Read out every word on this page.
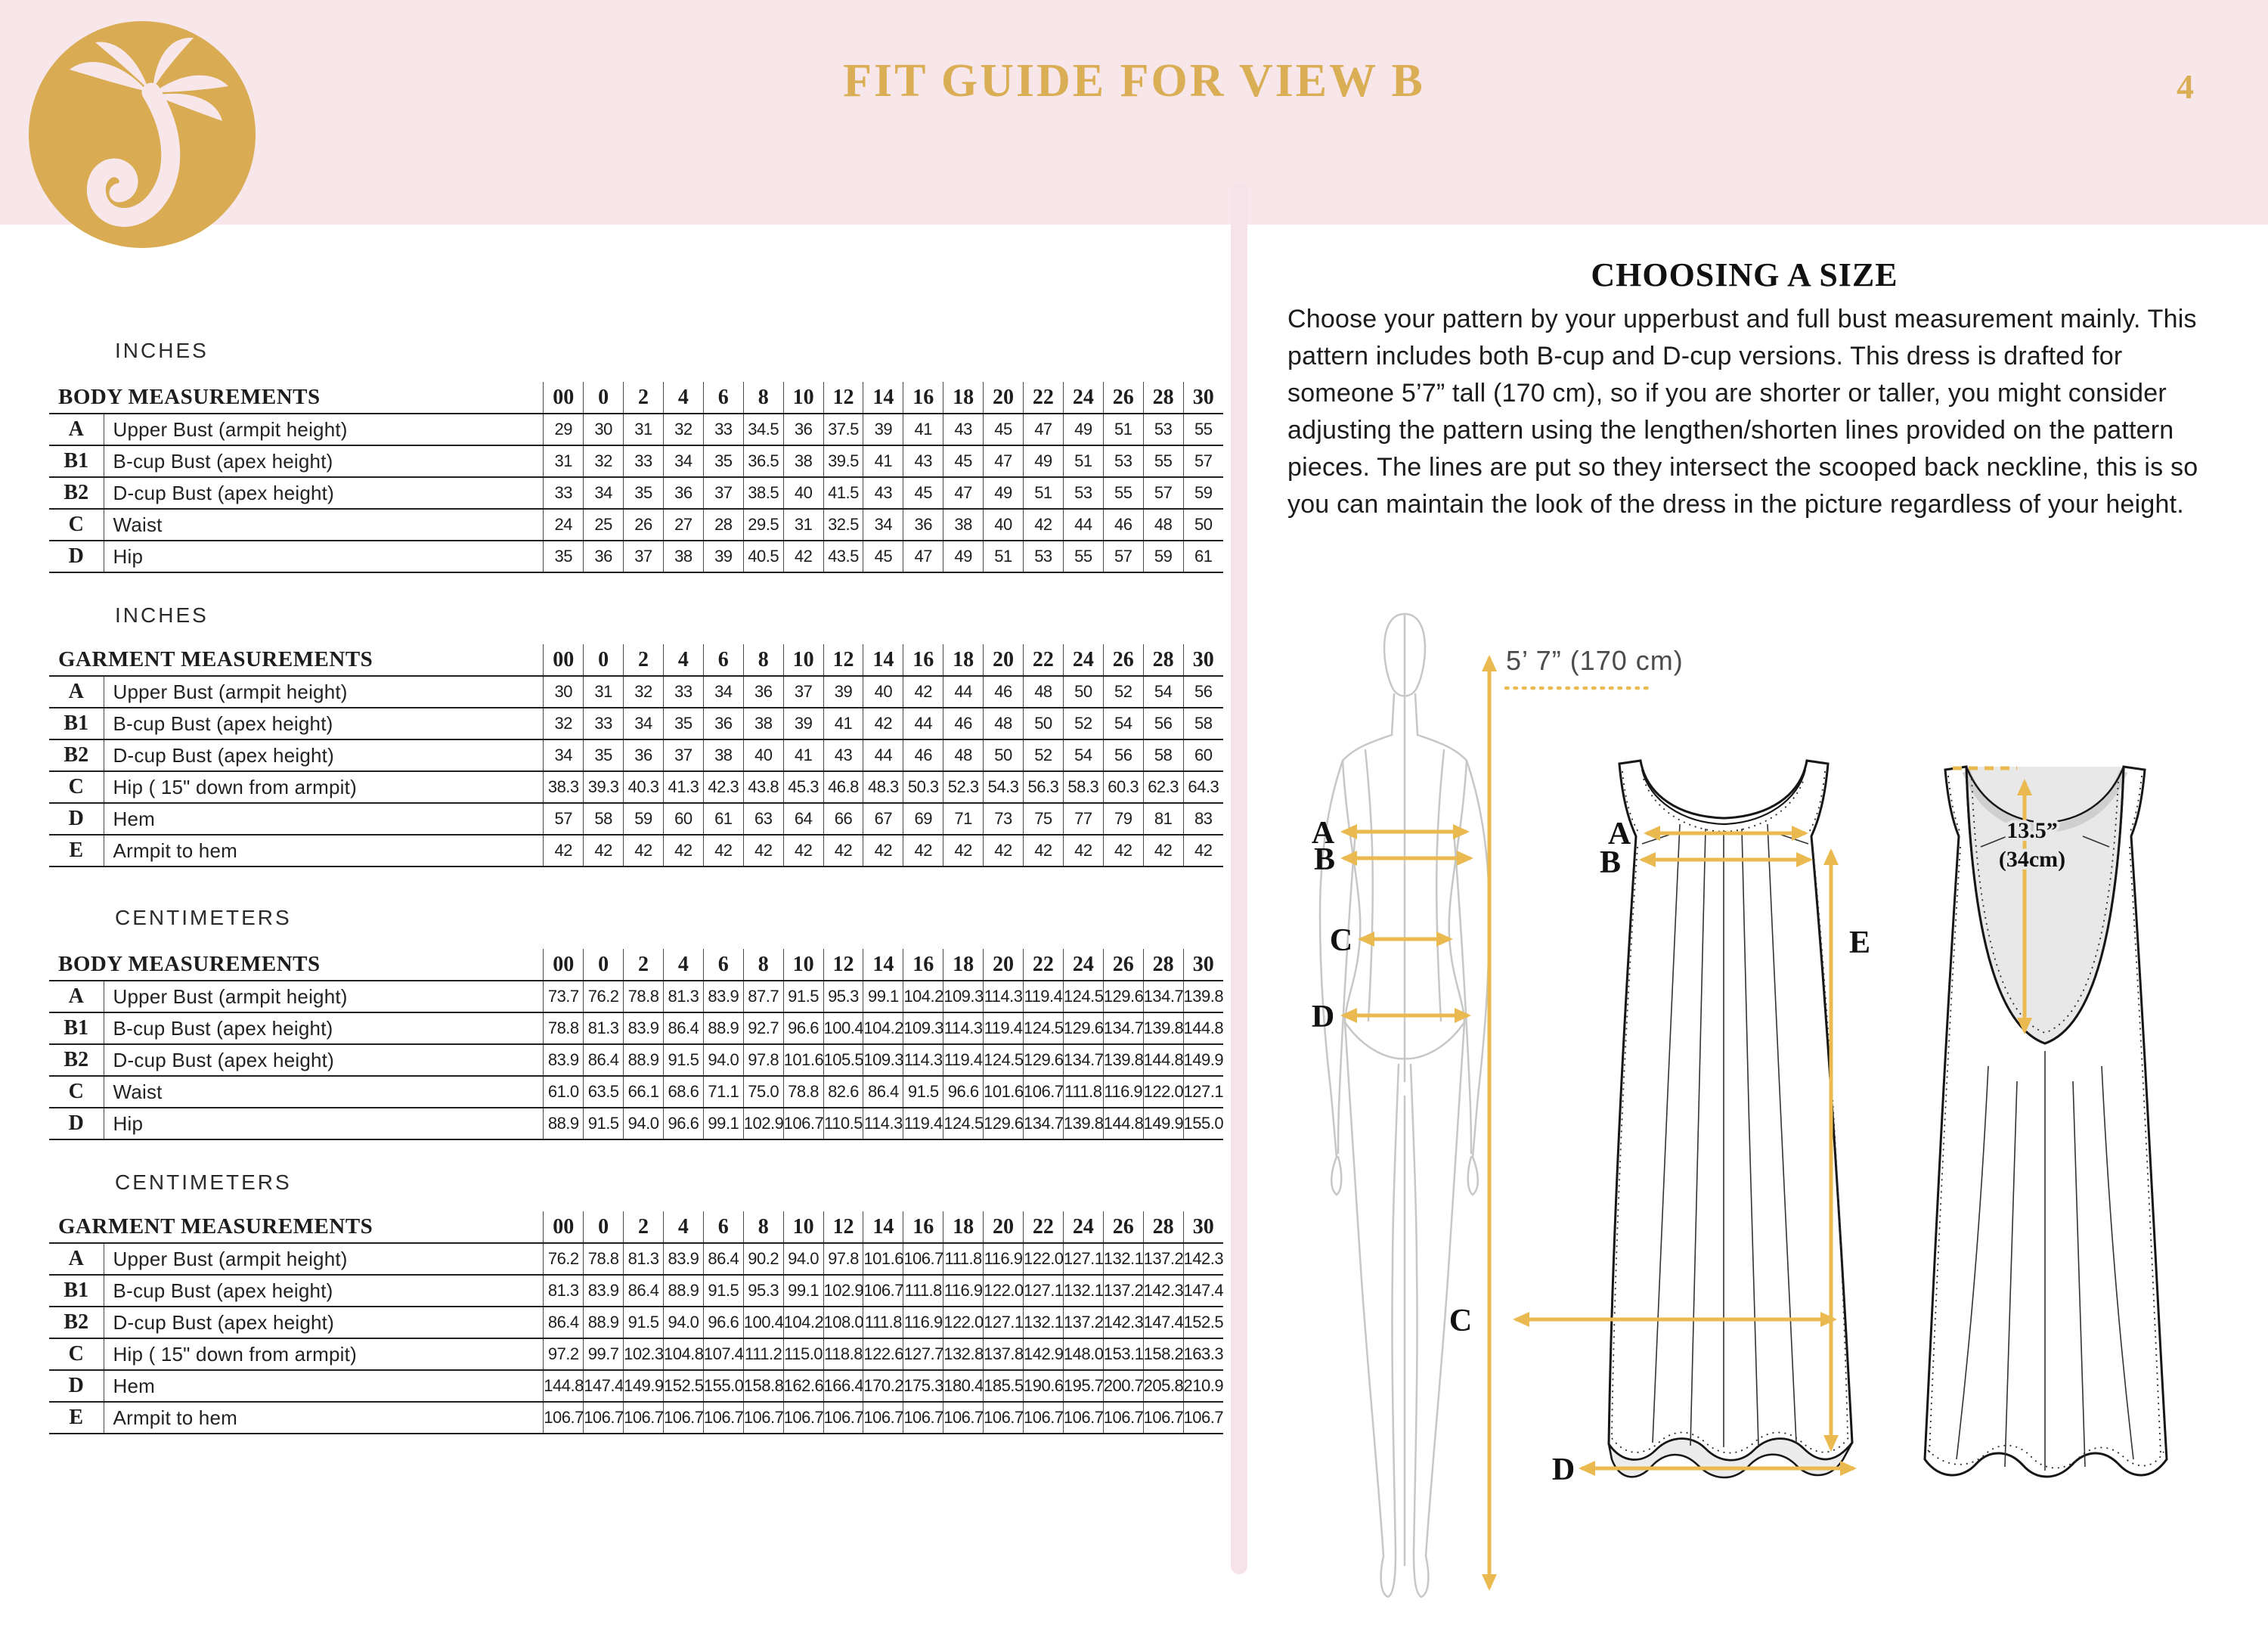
FIT GUIDE FOR VIEW B	4
INCHES
BODY MEASUREMENTS		00	0	2	4	6	8	10	12	14	16	18	20	22	24	26	28	30
A	Upper Bust (armpit height)	29	30	31	32	33	34.5	36	37.5	39	41	43	45	47	49	51	53	55
B1	B-cup Bust (apex height)	31	32	33	34	35	36.5	38	39.5	41	43	45	47	49	51	53	55	57
B2	D-cup Bust (apex height)	33	34	35	36	37	38.5	40	41.5	43	45	47	49	51	53	55	57	59
C	Waist	24	25	26	27	28	29.5	31	32.5	34	36	38	40	42	44	46	48	50
D	Hip	35	36	37	38	39	40.5	42	43.5	45	47	49	51	53	55	57	59	61
INCHES
GARMENT MEASUREMENTS		00	0	2	4	6	8	10	12	14	16	18	20	22	24	26	28	30
A	Upper Bust (armpit height)	30	31	32	33	34	36	37	39	40	42	44	46	48	50	52	54	56
B1	B-cup Bust (apex height)	32	33	34	35	36	38	39	41	42	44	46	48	50	52	54	56	58
B2	D-cup Bust (apex height)	34	35	36	37	38	40	41	43	44	46	48	50	52	54	56	58	60
C	Hip ( 15" down from armpit)	38.3	39.3	40.3	41.3	42.3	43.8	45.3	46.8	48.3	50.3	52.3	54.3	56.3	58.3	60.3	62.3	64.3
D	Hem	57	58	59	60	61	63	64	66	67	69	71	73	75	77	79	81	83
E	Armpit to hem	42	42	42	42	42	42	42	42	42	42	42	42	42	42	42	42	42
CENTIMETERS
BODY MEASUREMENTS		00	0	2	4	6	8	10	12	14	16	18	20	22	24	26	28	30
A	Upper Bust (armpit height)	73.7	76.2	78.8	81.3	83.9	87.7	91.5	95.3	99.1	104.2	109.3	114.3	119.4	124.5	129.6	134.7	139.8
B1	B-cup Bust (apex height)	78.8	81.3	83.9	86.4	88.9	92.7	96.6	100.4	104.2	109.3	114.3	119.4	124.5	129.6	134.7	139.8	144.8
B2	D-cup Bust (apex height)	83.9	86.4	88.9	91.5	94.0	97.8	101.6	105.5	109.3	114.3	119.4	124.5	129.6	134.7	139.8	144.8	149.9
C	Waist	61.0	63.5	66.1	68.6	71.1	75.0	78.8	82.6	86.4	91.5	96.6	101.6	106.7	111.8	116.9	122.0	127.1
D	Hip	88.9	91.5	94.0	96.6	99.1	102.9	106.7	110.5	114.3	119.4	124.5	129.6	134.7	139.8	144.8	149.9	155.0
CENTIMETERS
GARMENT MEASUREMENTS		00	0	2	4	6	8	10	12	14	16	18	20	22	24	26	28	30
A	Upper Bust (armpit height)	76.2	78.8	81.3	83.9	86.4	90.2	94.0	97.8	101.6	106.7	111.8	116.9	122.0	127.1	132.1	137.2	142.3
B1	B-cup Bust (apex height)	81.3	83.9	86.4	88.9	91.5	95.3	99.1	102.9	106.7	111.8	116.9	122.0	127.1	132.1	137.2	142.3	147.4
B2	D-cup Bust (apex height)	86.4	88.9	91.5	94.0	96.6	100.4	104.2	108.0	111.8	116.9	122.0	127.1	132.1	137.2	142.3	147.4	152.5
C	Hip ( 15" down from armpit)	97.2	99.7	102.3	104.8	107.4	111.2	115.0	118.8	122.6	127.7	132.8	137.8	142.9	148.0	153.1	158.2	163.3
D	Hem	144.8	147.4	149.9	152.5	155.0	158.8	162.6	166.4	170.2	175.3	180.4	185.5	190.6	195.7	200.7	205.8	210.9
E	Armpit to hem	106.7	106.7	106.7	106.7	106.7	106.7	106.7	106.7	106.7	106.7	106.7	106.7	106.7	106.7	106.7	106.7	106.7
CHOOSING A SIZE
Choose your pattern by your upperbust and full bust measurement mainly. This pattern includes both B-cup and D-cup versions. This dress is drafted for someone 5’7” tall (170 cm), so if you are shorter or taller, you might consider adjusting the pattern using the lengthen/shorten lines provided on the pattern pieces. The lines are put so they intersect the scooped back neckline, this is so you can maintain the look of the dress in the picture regardless of your height.
A
B
C
D
5’ 7” (170 cm)
A
B
C
D
E
13.5”
(34cm)
